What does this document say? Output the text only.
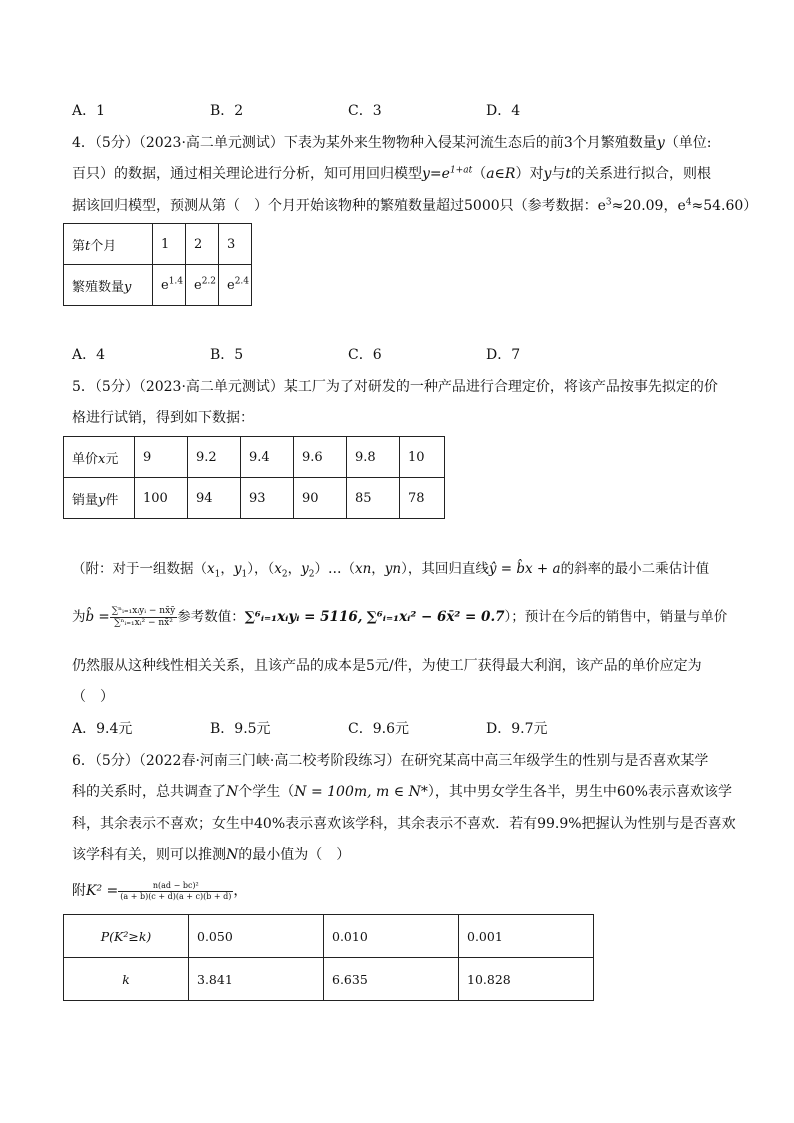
A．1	B．2	C．3	D．4
4．（5分）（2023·高二单元测试）下表为某外来生物物种入侵某河流生态后的前3个月繁殖数量y（单位:
百只）的数据，通过相关理论进行分析，知可用回归模型$y=e^{1+at}(a\in R)$对y与t的关系进行拟合，则根
据该回归模型，预测从第（　）个月开始该物种的繁殖数量超过5000只（参考数据：$e^3\approx 20.09$，$e^4\approx 54.60$）
第t个月	1	2	3
繁殖数量y	$e^{1.4}$	$e^{2.2}$	$e^{2.4}$
A．4	B．5	C．6	D．7
5．（5分）（2023·高二单元测试）某工厂为了对研发的一种产品进行合理定价，将该产品按事先拟定的价
格进行试销，得到如下数据：
单价x元	9	9.2	9.4	9.6	9.8	10
销量y件	100	94	93	90	85	78
（附：对于一组数据（$x_1$，$y_1$），（$x_2$，$y_2)\dots(xn$，yn），其回归直线ŷ = b̂x + a的斜率的最小二乘估计值
为b̂ = $\frac{\text{∑ⁿᵢ₌₁xᵢyᵢ − nx̄ȳ}}{\text{∑ⁿᵢ₌₁xᵢ² − nx̄²}}$ 参考数值：∑⁶ᵢ₌₁xᵢyᵢ = 5116, ∑⁶ᵢ₌₁xᵢ² − 6x̄² = 0.7）；预计在今后的销售中，销量与单价
仍然服从这种线性相关关系，且该产品的成本是5元/件，为使工厂获得最大利润，该产品的单价应定为
（　）
A．9.4元	B．9.5元	C．9.6元	D．9.7元
6．（5分）（2022春·河南三门峡·高二校考阶段练习）在研究某高中高三年级学生的性别与是否喜欢某学
科的关系时，总共调查了N个学生（N = 100m, m ∈ N*），其中男女学生各半，男生中60%表示喜欢该学
科，其余表示不喜欢；女生中40%表示喜欢该学科，其余表示不喜欢．若有99.9%把握认为性别与是否喜欢
该学科有关，则可以推测N的最小值为（　）
附$K^2 = \frac{\text{n(ad − bc)²}}{(a + b)(c + d)(a + c)(b + d)}$ ，
P(K²≥k)	0.050	0.010	0.001
k	3.841	6.635	10.828
